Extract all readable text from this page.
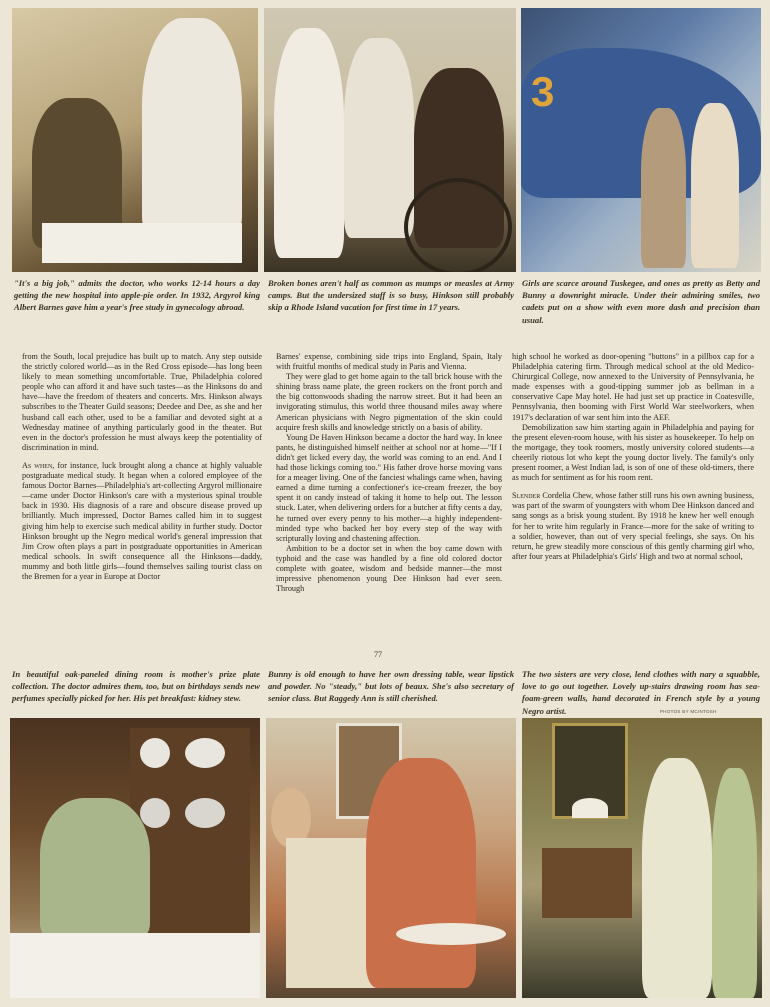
3
"It's a big job," admits the doctor, who works 12-14 hours a day getting the new hospital into apple-pie order. In 1932, Argyrol king Albert Barnes gave him a year's free study in gynecology abroad.
Broken bones aren't half as common as mumps or measles at Army camps. But the undersized staff is so busy, Hinkson still probably skip a Rhode Island vacation for first time in 17 years.
Girls are scarce around Tuskegee, and ones as pretty as Betty and Bunny a downright miracle. Under their admiring smiles, two cadets put on a show with even more dash and precision than usual.

from the South, local prejudice has built up to match. Any step outside the strictly colored world—as in the Red Cross episode—has long been likely to mean something uncomfortable. True, Philadelphia colored people who can afford it and have such tastes—as the Hinksons do and have—have the freedom of theaters and concerts. Mrs. Hinkson always subscribes to the Theater Guild seasons; Deedee and Dee, as she and her husband call each other, used to be a familiar and devoted sight at a Wednesday matinee of anything particularly good in the theater. But even in the doctor's profession he must always keep the potentiality of discrimination in mind.

As when, for instance, luck brought along a chance at highly valuable postgraduate medical study. It began when a colored employee of the famous Doctor Barnes—Philadelphia's art-collecting Argyrol millionaire—came under Doctor Hinkson's care with a mysterious spinal trouble back in 1930. His diagnosis of a rare and obscure disease proved up brilliantly. Much impressed, Doctor Barnes called him in to suggest giving him help to exercise such medical ability in further study. Doctor Hinkson brought up the Negro medical world's general impression that Jim Crow often plays a part in postgraduate opportunities in American medical schools. In swift consequence all the Hinksons—daddy, mummy and both little girls—found themselves sailing tourist class on the Bremen for a year in Europe at Doctor

Barnes' expense, combining side trips into England, Spain, Italy with fruitful months of medical study in Paris and Vienna.

They were glad to get home again to the tall brick house with the shining brass name plate, the green rockers on the front porch and the big cottonwoods shading the narrow street. But it had been an invigorating stimulus, this world three thousand miles away where American physicians with Negro pigmentation of the skin could acquire fresh skills and knowledge strictly on a basis of ability.

Young De Haven Hinkson became a doctor the hard way. In knee pants, he distinguished himself neither at school nor at home—"If I didn't get licked every day, the world was coming to an end. And I had those lickings coming too." His father drove horse moving vans for a meager living. One of the fanciest whalings came when, having earned a dime turning a confectioner's ice-cream freezer, the boy spent it on candy instead of taking it home to help out. The lesson stuck. Later, when delivering orders for a butcher at fifty cents a day, he turned over every penny to his mother—a highly independent-minded type who backed her boy every step of the way with scripturally loving and chastening affection.

Ambition to be a doctor set in when the boy came down with typhoid and the case was handled by a fine old colored doctor complete with goatee, wisdom and bedside manner—the most impressive phenomenon young Dee Hinkson had ever seen. Through

high school he worked as door-opening "buttons" in a pillbox cap for a Philadelphia catering firm. Through medical school at the old Medico-Chirurgical College, now annexed to the University of Pennsylvania, he made expenses with a good-tipping summer job as bellman in a conservative Cape May hotel. He had just set up practice in Coatesville, Pennsylvania, then booming with First World War steelworkers, when 1917's declaration of war sent him into the AEF.

Demobilization saw him starting again in Philadelphia and paying for the present eleven-room house, with his sister as housekeeper. To help on the mortgage, they took roomers, mostly university colored students—a cheerily riotous lot who kept the young doctor lively. The family's only present roomer, a West Indian lad, is son of one of these old-timers, there as much for sentiment as for his room rent.

Slender Cordelia Chew, whose father still runs his own awning business, was part of the swarm of youngsters with whom Dee Hinkson danced and sang songs as a brisk young student. By 1918 he knew her well enough for her to write him regularly in France—more for the sake of writing to a soldier, however, than out of very special feelings, she says. On his return, he grew steadily more conscious of this gently charming girl who, after four years at Philadelphia's Girls' High and two at normal school,

77
In beautiful oak-paneled dining room is mother's prize plate collection. The doctor admires them, too, but on birthdays sends new perfumes specially picked for her. His pet breakfast: kidney stew.
Bunny is old enough to have her own dressing table, wear lipstick and powder. No "steady," but lots of beaux. She's also secretary of senior class. But Raggedy Ann is still cherished.
The two sisters are very close, lend clothes with nary a squabble, love to go out together. Lovely up-stairs drawing room has sea-foam-green walls, hand decorated in French style by a young Negro artist.	PHOTOS BY MCINTOSH
